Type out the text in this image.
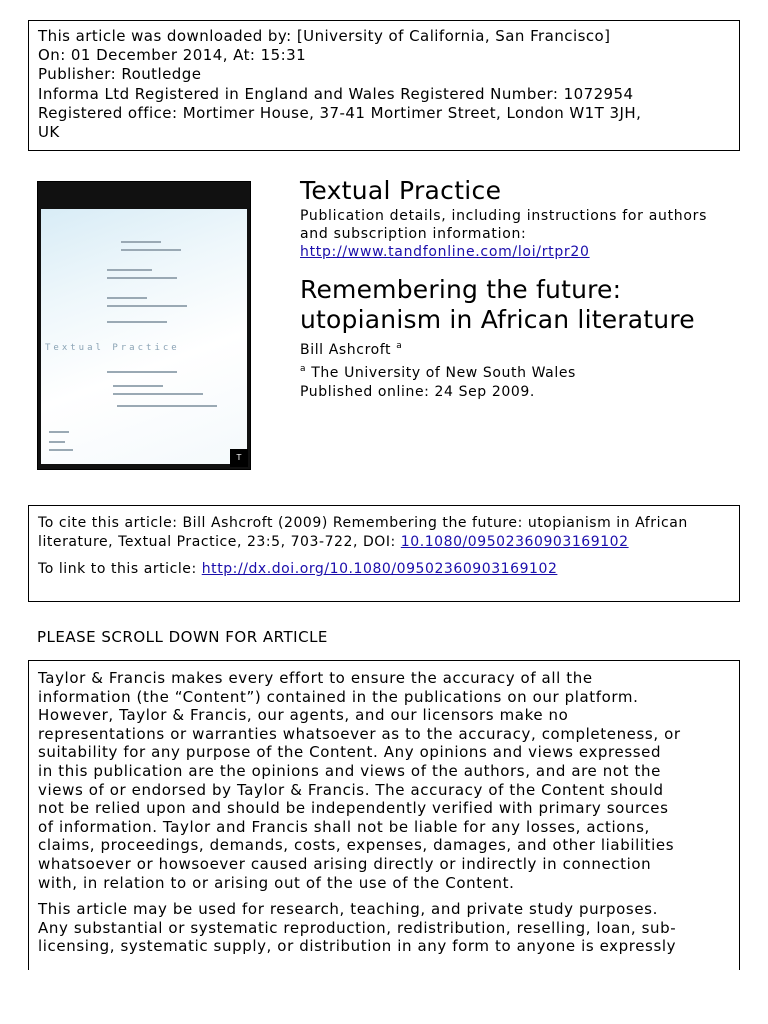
This article was downloaded by: [University of California, San Francisco]
On: 01 December 2014, At: 15:31
Publisher: Routledge
Informa Ltd Registered in England and Wales Registered Number: 1072954
Registered office: Mortimer House, 37-41 Mortimer Street, London W1T 3JH,
UK
Textual Practice
T
Textual Practice
Publication details, including instructions for authors
and subscription information:
http://www.tandfonline.com/loi/rtpr20
Remembering the future:
utopianism in African literature
Bill Ashcroft $^a$
$^a$ The University of New South Wales
Published online: 24 Sep 2009.
To cite this article: Bill Ashcroft (2009) Remembering the future: utopianism in African
literature, Textual Practice, 23:5, 703-722, DOI: 10.1080/09502360903169102
To link to this article: http://dx.doi.org/10.1080/09502360903169102
PLEASE SCROLL DOWN FOR ARTICLE
Taylor & Francis makes every effort to ensure the accuracy of all the
information (the “Content”) contained in the publications on our platform.
However, Taylor & Francis, our agents, and our licensors make no
representations or warranties whatsoever as to the accuracy, completeness, or
suitability for any purpose of the Content. Any opinions and views expressed
in this publication are the opinions and views of the authors, and are not the
views of or endorsed by Taylor & Francis. The accuracy of the Content should
not be relied upon and should be independently verified with primary sources
of information. Taylor and Francis shall not be liable for any losses, actions,
claims, proceedings, demands, costs, expenses, damages, and other liabilities
whatsoever or howsoever caused arising directly or indirectly in connection
with, in relation to or arising out of the use of the Content.
This article may be used for research, teaching, and private study purposes.
Any substantial or systematic reproduction, redistribution, reselling, loan, sub-
licensing, systematic supply, or distribution in any form to anyone is expressly
